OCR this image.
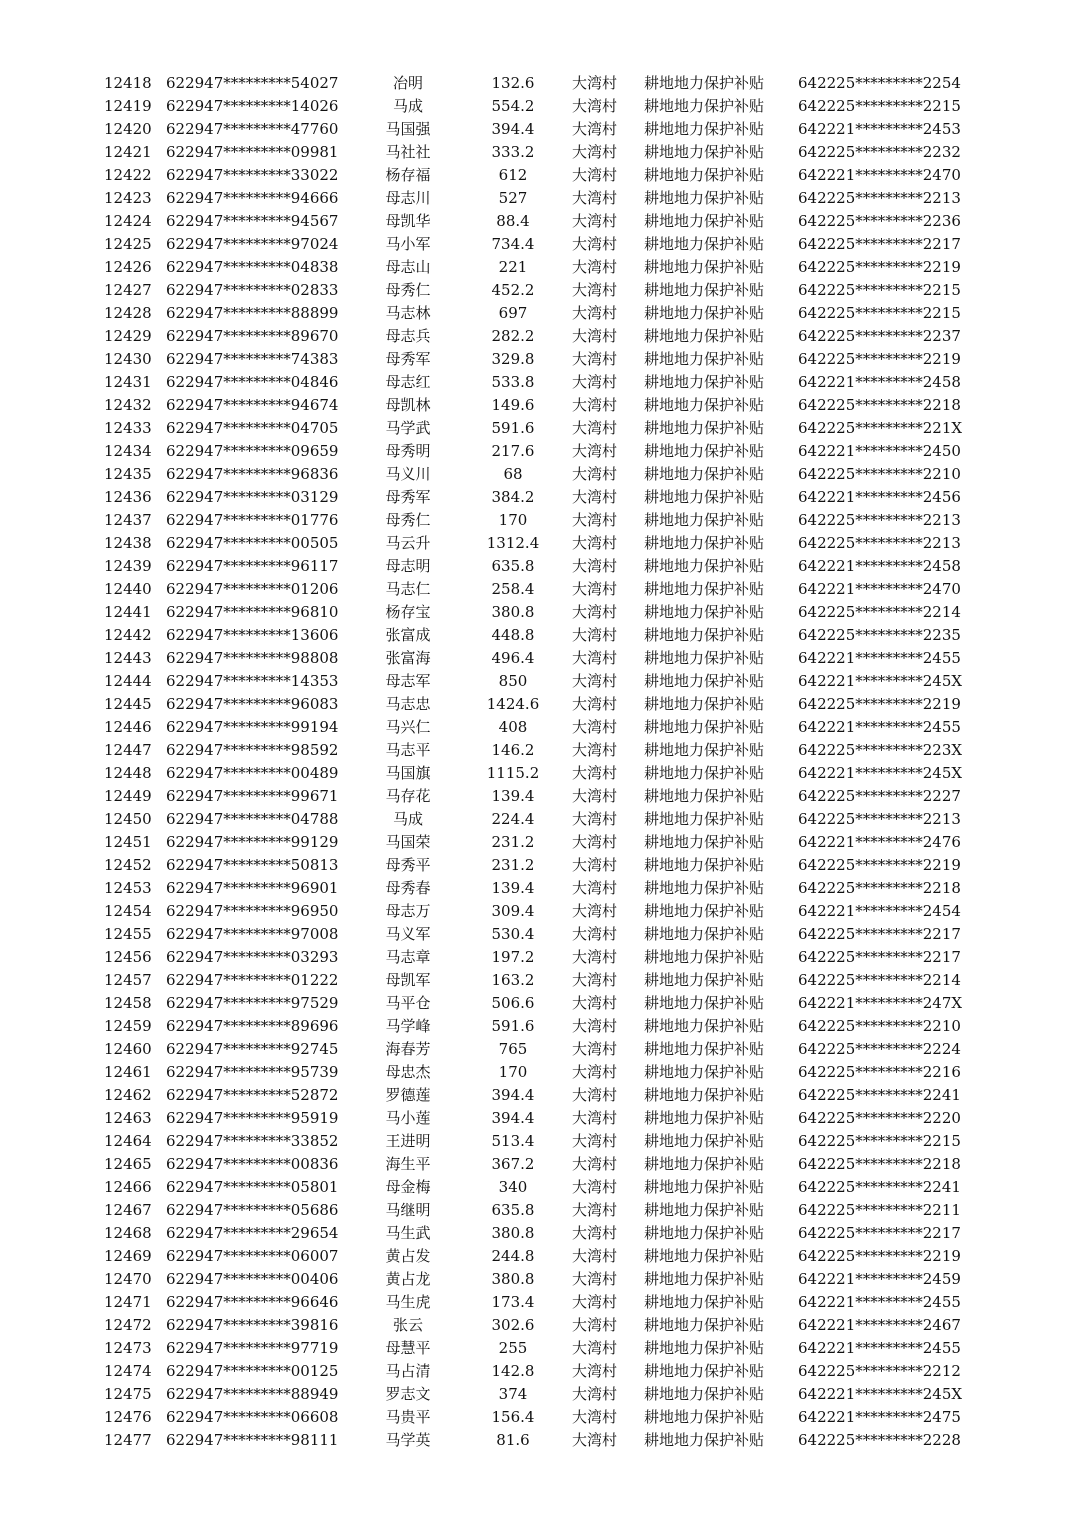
12418 622947*********54027	冶明	132.6	大湾村 耕地地力保护补贴 642225*********2254
12419 622947*********14026	马成	554.2	大湾村 耕地地力保护补贴 642225*********2215
12420 622947*********47760	马国强	394.4	大湾村 耕地地力保护补贴 642221*********2453
12421 622947*********09981	马社社	333.2	大湾村 耕地地力保护补贴 642225*********2232
12422 622947*********33022	杨存福	612	大湾村 耕地地力保护补贴 642221*********2470
12423 622947*********94666	母志川	527	大湾村 耕地地力保护补贴 642225*********2213
12424 622947*********94567	母凯华	88.4	大湾村 耕地地力保护补贴 642225*********2236
12425 622947*********97024	马小军	734.4	大湾村 耕地地力保护补贴 642225*********2217
12426 622947*********04838	母志山	221	大湾村 耕地地力保护补贴 642225*********2219
12427 622947*********02833	母秀仁	452.2	大湾村 耕地地力保护补贴 642225*********2215
12428 622947*********88899	马志林	697	大湾村 耕地地力保护补贴 642225*********2215
12429 622947*********89670	母志兵	282.2	大湾村 耕地地力保护补贴 642225*********2237
12430 622947*********74383	母秀军	329.8	大湾村 耕地地力保护补贴 642225*********2219
12431 622947*********04846	母志红	533.8	大湾村 耕地地力保护补贴 642221*********2458
12432 622947*********94674	母凯林	149.6	大湾村 耕地地力保护补贴 642225*********2218
12433 622947*********04705	马学武	591.6	大湾村 耕地地力保护补贴 642225*********221X
12434 622947*********09659	母秀明	217.6	大湾村 耕地地力保护补贴 642221*********2450
12435 622947*********96836	马义川	68	大湾村 耕地地力保护补贴 642225*********2210
12436 622947*********03129	母秀军	384.2	大湾村 耕地地力保护补贴 642221*********2456
12437 622947*********01776	母秀仁	170	大湾村 耕地地力保护补贴 642225*********2213
12438 622947*********00505	马云升	1312.4	大湾村 耕地地力保护补贴 642225*********2213
12439 622947*********96117	母志明	635.8	大湾村 耕地地力保护补贴 642221*********2458
12440 622947*********01206	马志仁	258.4	大湾村 耕地地力保护补贴 642221*********2470
12441 622947*********96810	杨存宝	380.8	大湾村 耕地地力保护补贴 642225*********2214
12442 622947*********13606	张富成	448.8	大湾村 耕地地力保护补贴 642225*********2235
12443 622947*********98808	张富海	496.4	大湾村 耕地地力保护补贴 642221*********2455
12444 622947*********14353	母志军	850	大湾村 耕地地力保护补贴 642221*********245X
12445 622947*********96083	马志忠	1424.6	大湾村 耕地地力保护补贴 642225*********2219
12446 622947*********99194	马兴仁	408	大湾村 耕地地力保护补贴 642221*********2455
12447 622947*********98592	马志平	146.2	大湾村 耕地地力保护补贴 642225*********223X
12448 622947*********00489	马国旗	1115.2	大湾村 耕地地力保护补贴 642221*********245X
12449 622947*********99671	马存花	139.4	大湾村 耕地地力保护补贴 642225*********2227
12450 622947*********04788	马成	224.4	大湾村 耕地地力保护补贴 642225*********2213
12451 622947*********99129	马国荣	231.2	大湾村 耕地地力保护补贴 642221*********2476
12452 622947*********50813	母秀平	231.2	大湾村 耕地地力保护补贴 642225*********2219
12453 622947*********96901	母秀春	139.4	大湾村 耕地地力保护补贴 642225*********2218
12454 622947*********96950	母志万	309.4	大湾村 耕地地力保护补贴 642221*********2454
12455 622947*********97008	马义军	530.4	大湾村 耕地地力保护补贴 642225*********2217
12456 622947*********03293	马志章	197.2	大湾村 耕地地力保护补贴 642225*********2217
12457 622947*********01222	母凯军	163.2	大湾村 耕地地力保护补贴 642225*********2214
12458 622947*********97529	马平仓	506.6	大湾村 耕地地力保护补贴 642221*********247X
12459 622947*********89696	马学峰	591.6	大湾村 耕地地力保护补贴 642225*********2210
12460 622947*********92745	海春芳	765	大湾村 耕地地力保护补贴 642225*********2224
12461 622947*********95739	母忠杰	170	大湾村 耕地地力保护补贴 642225*********2216
12462 622947*********52872	罗德莲	394.4	大湾村 耕地地力保护补贴 642225*********2241
12463 622947*********95919	马小莲	394.4	大湾村 耕地地力保护补贴 642225*********2220
12464 622947*********33852	王进明	513.4	大湾村 耕地地力保护补贴 642225*********2215
12465 622947*********00836	海生平	367.2	大湾村 耕地地力保护补贴 642225*********2218
12466 622947*********05801	母金梅	340	大湾村 耕地地力保护补贴 642225*********2241
12467 622947*********05686	马继明	635.8	大湾村 耕地地力保护补贴 642225*********2211
12468 622947*********29654	马生武	380.8	大湾村 耕地地力保护补贴 642225*********2217
12469 622947*********06007	黄占发	244.8	大湾村 耕地地力保护补贴 642225*********2219
12470 622947*********00406	黄占龙	380.8	大湾村 耕地地力保护补贴 642221*********2459
12471 622947*********96646	马生虎	173.4	大湾村 耕地地力保护补贴 642221*********2455
12472 622947*********39816	张云	302.6	大湾村 耕地地力保护补贴 642221*********2467
12473 622947*********97719	母慧平	255	大湾村 耕地地力保护补贴 642221*********2455
12474 622947*********00125	马占清	142.8	大湾村 耕地地力保护补贴 642225*********2212
12475 622947*********88949	罗志文	374	大湾村 耕地地力保护补贴 642221*********245X
12476 622947*********06608	马贵平	156.4	大湾村 耕地地力保护补贴 642221*********2475
12477 622947*********98111	马学英	81.6	大湾村 耕地地力保护补贴 642225*********2228
